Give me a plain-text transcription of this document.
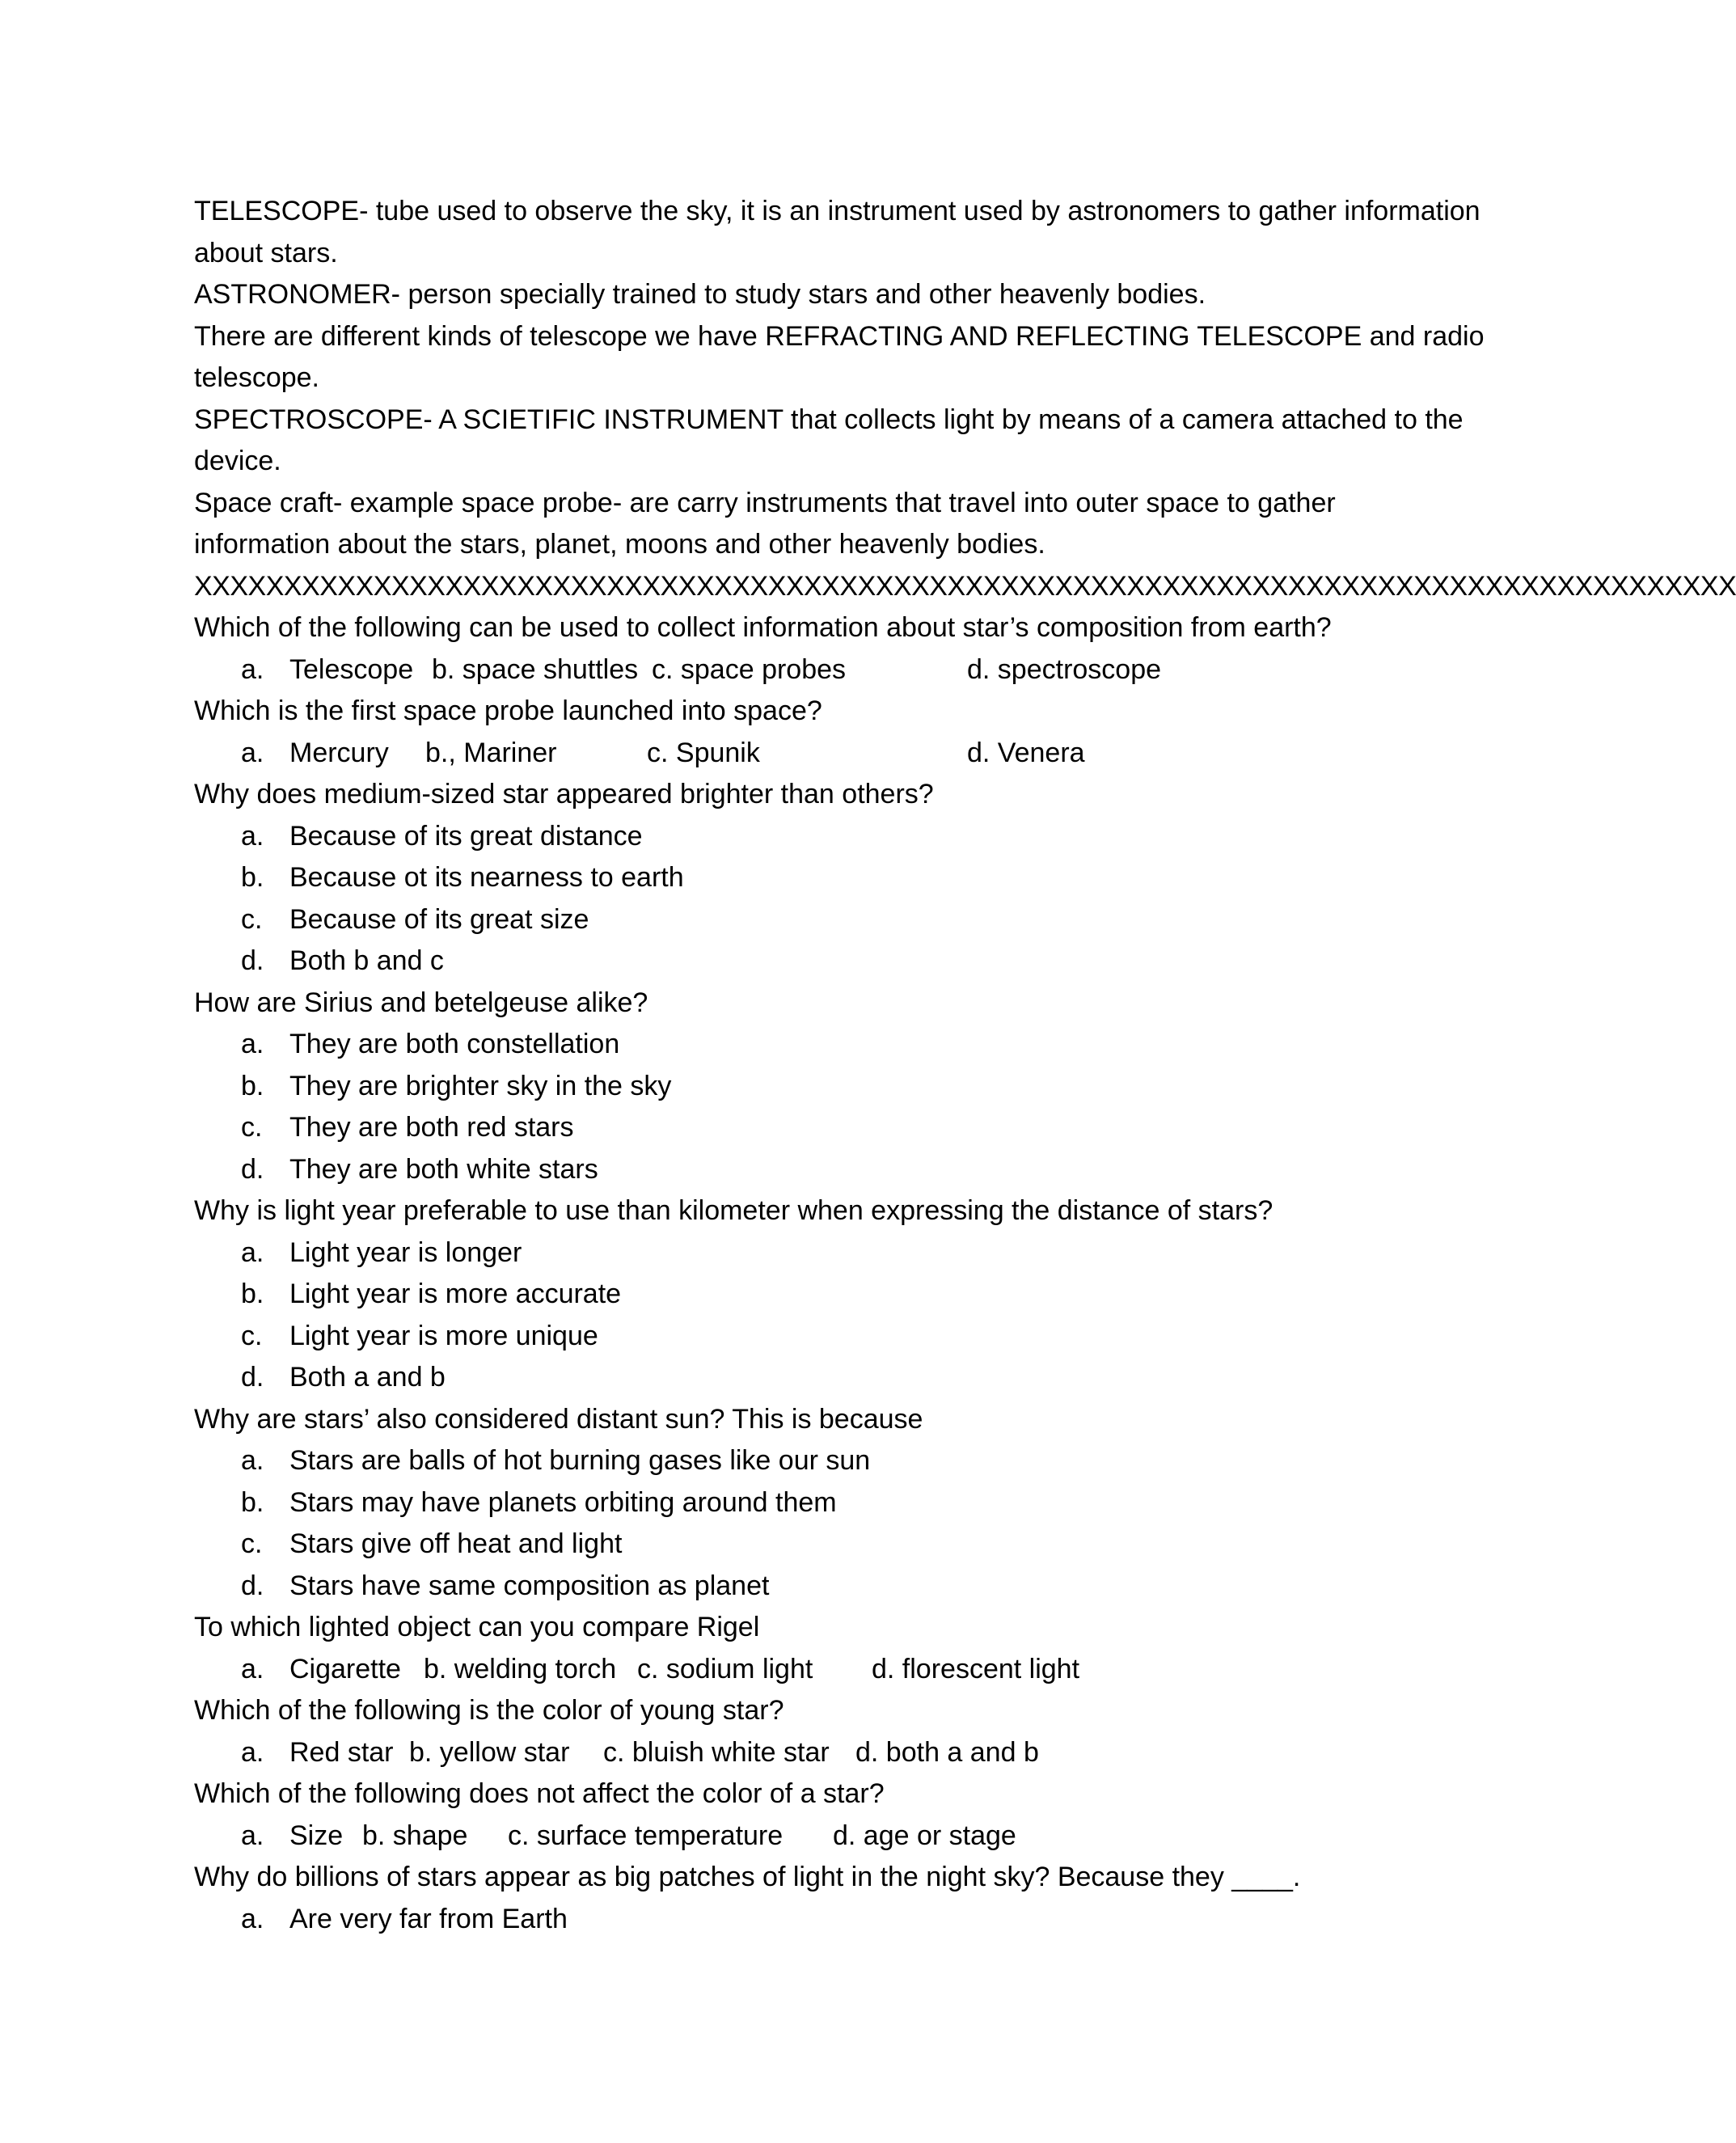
TELESCOPE- tube used to observe the sky, it is an instrument used by astronomers to gather information
about stars.
ASTRONOMER- person specially trained to study stars and other heavenly bodies.
There are different kinds of telescope we have REFRACTING AND REFLECTING TELESCOPE and radio
telescope.
SPECTROSCOPE- A SCIETIFIC INSTRUMENT that collects light by means of a camera attached to the
device.
Space craft- example space probe- are carry instruments that travel into outer space to gather
information about the stars, planet, moons and other heavenly bodies.
XXXXXXXXXXXXXXXXXXXXXXXXXXXXXXXXXXXXXXXXXXXXXXXXXXXXXXXXXXXXXXXXXXXXXXXXXXXXXXXXXXXXXX
Which of the following can be used to collect information about star’s composition from earth?
a. Telescope b. space shuttles c. space probes	d. spectroscope
Which is the first space probe launched into space?
a. Mercury b., Mariner	c. Spunik	d. Venera
Why does medium-sized star appeared brighter than others?
a. Because of its great distance
b. Because ot its nearness to earth
c. Because of its great size
d. Both b and c
How are Sirius and betelgeuse alike?
a. They are both constellation
b. They are brighter sky in the sky
c. They are both red stars
d. They are both white stars
Why is light year preferable to use than kilometer when expressing the distance of stars?
a. Light year is longer
b. Light year is more accurate
c. Light year is more unique
d. Both a and b
Why are stars’ also considered distant sun? This is because
a. Stars are balls of hot burning gases like our sun
b. Stars may have planets orbiting around them
c. Stars give off heat and light
d. Stars have same composition as planet
To which lighted object can you compare Rigel
a. Cigarette b. welding torch c. sodium light d. florescent light
Which of the following is the color of young star?
a. Red star b. yellow star c. bluish white star d. both a and b
Which of the following does not affect the color of a star?
a. Size b. shape c. surface temperature d. age or stage
Why do billions of stars appear as big patches of light in the night sky? Because they ____.
a. Are very far from Earth
